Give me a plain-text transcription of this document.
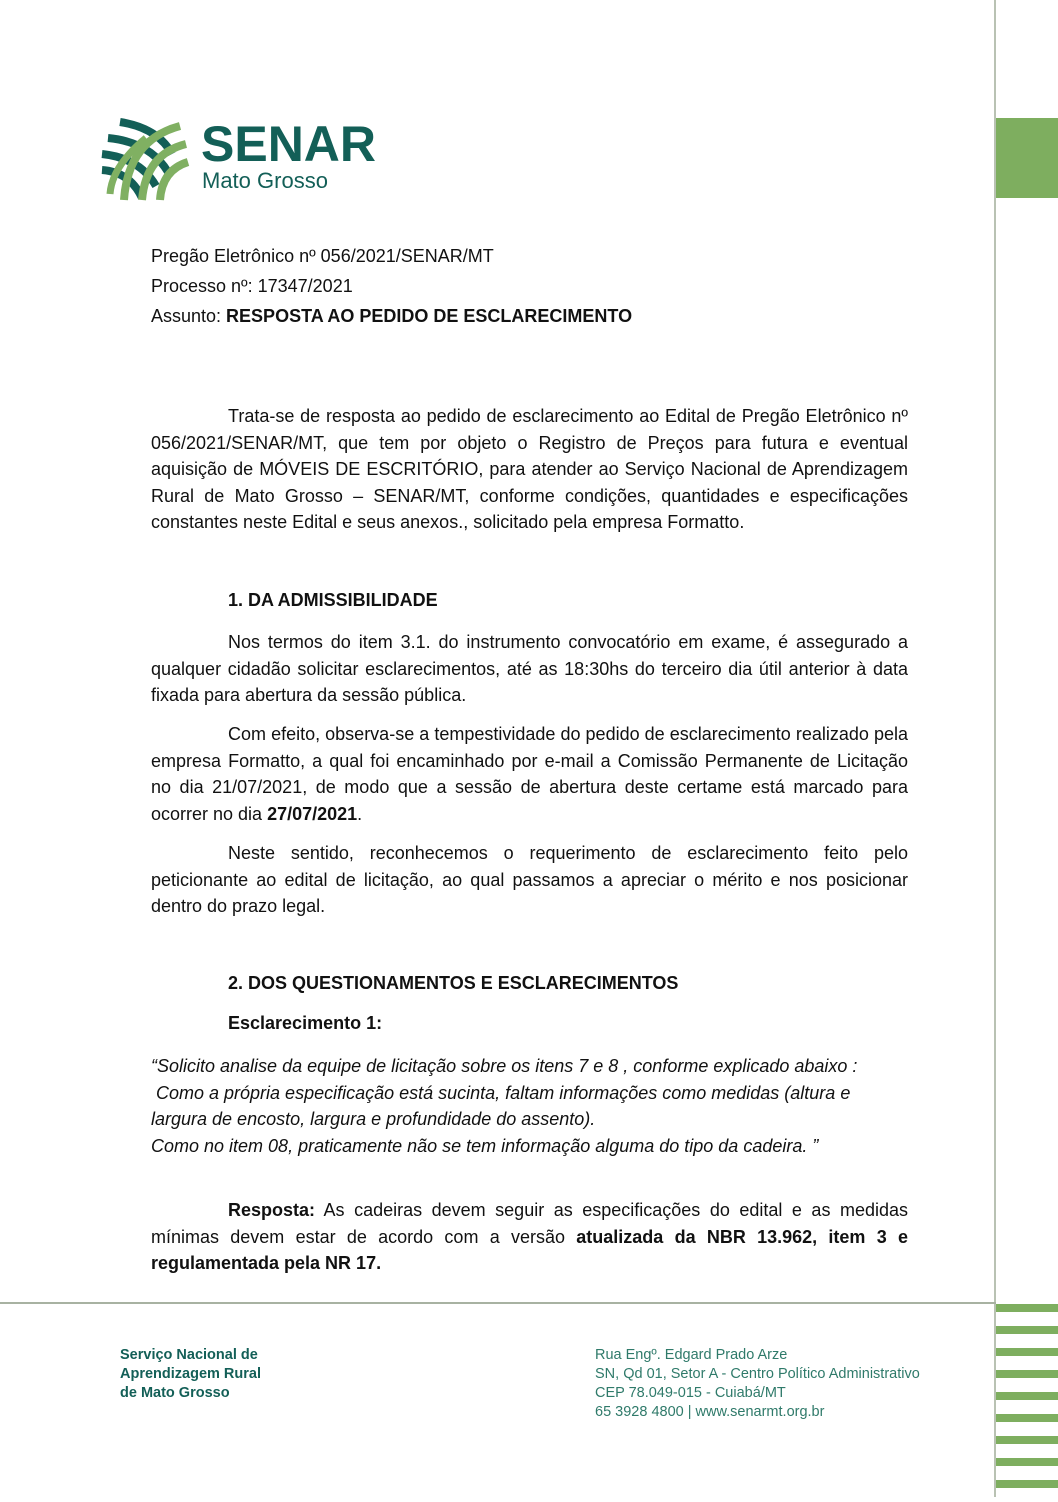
SENAR
Mato Grosso
Pregão Eletrônico nº 056/2021/SENAR/MT
Processo nº: 17347/2021
Assunto: RESPOSTA AO PEDIDO DE ESCLARECIMENTO
Trata-se de resposta ao pedido de esclarecimento ao Edital de Pregão Eletrônico nº 056/2021/SENAR/MT, que tem por objeto o Registro de Preços para futura e eventual aquisição de MÓVEIS DE ESCRITÓRIO, para atender ao Serviço Nacional de Aprendizagem Rural de Mato Grosso – SENAR/MT, conforme condições, quantidades e especificações constantes neste Edital e seus anexos., solicitado pela empresa Formatto.
1. DA ADMISSIBILIDADE
Nos termos do item 3.1. do instrumento convocatório em exame, é assegurado a qualquer cidadão solicitar esclarecimentos, até as 18:30hs do terceiro dia útil anterior à data fixada para abertura da sessão pública.
Com efeito, observa-se a tempestividade do pedido de esclarecimento realizado pela empresa Formatto, a qual foi encaminhado por e-mail a Comissão Permanente de Licitação no dia 21/07/2021, de modo que a sessão de abertura deste certame está marcado para ocorrer no dia 27/07/2021.
Neste sentido, reconhecemos o requerimento de esclarecimento feito pelo peticionante ao edital de licitação, ao qual passamos a apreciar o mérito e nos posicionar dentro do prazo legal.
2. DOS QUESTIONAMENTOS E ESCLARECIMENTOS
Esclarecimento 1:
“Solicito analise da equipe de licitação sobre os itens 7 e 8 , conforme explicado abaixo :
Como a própria especificação está sucinta, faltam informações como medidas (altura e
largura de encosto, largura e profundidade do assento).
Como no item 08, praticamente não se tem informação alguma do tipo da cadeira. ”
Resposta: As cadeiras devem seguir as especificações do edital e as medidas mínimas devem estar de acordo com a versão atualizada da NBR 13.962, item 3 e regulamentada pela NR 17.
Serviço Nacional de
Aprendizagem Rural
de Mato Grosso
Rua Engº. Edgard Prado Arze
SN, Qd 01, Setor A - Centro Político Administrativo
CEP 78.049-015 - Cuiabá/MT
65 3928 4800 | www.senarmt.org.br
